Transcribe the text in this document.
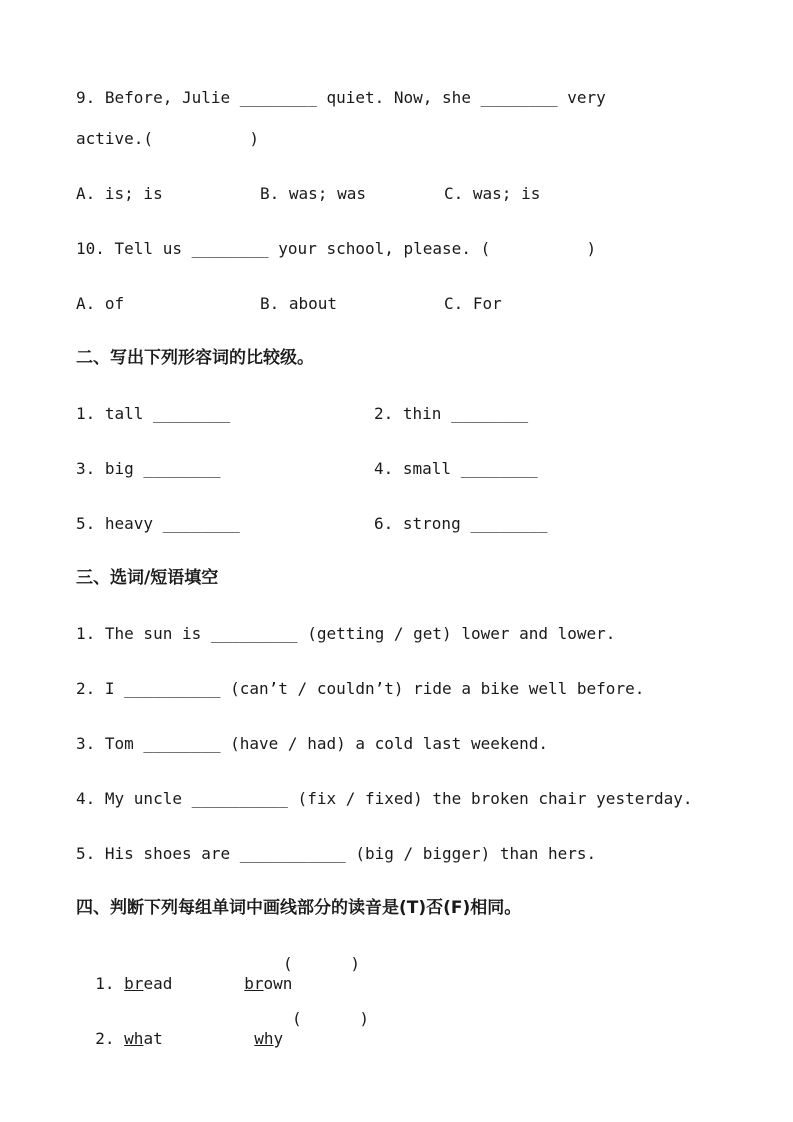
9. Before, Julie ________ quiet. Now, she ________ very
active.(          )
A. is; is	B. was; was	C. was; is
10. Tell us ________ your school, please. (          )
A. of	B. about	C. For
二、写出下列形容词的比较级。
1. tall ________	2. thin ________
3. big ________	4. small ________
5. heavy ________	6. strong ________
三、选词/短语填空
1. The sun is _________ (getting / get) lower and lower.
2. I __________ (can’t / couldn’t) ride a bike well before.
3. Tom ________ (have / had) a cold last weekend.
4. My uncle __________ (fix / fixed) the broken chair yesterday.
5. His shoes are ___________ (big / bigger) than hers.
四、判断下列每组单词中画线部分的读音是(T)否(F)相同。

1. bread	brown

(      )

2. what	why

(      )
